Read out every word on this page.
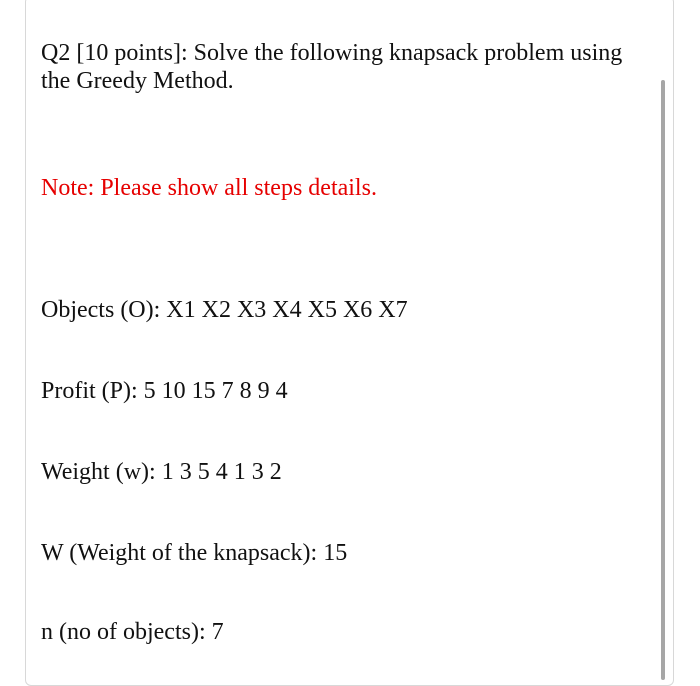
Q2 [10 points]: Solve the following knapsack problem using
the Greedy Method.
Note: Please show all steps details.
Objects (O): X1 X2 X3 X4 X5 X6 X7
Profit (P): 5 10 15 7 8 9 4
Weight (w): 1 3 5 4 1 3 2
W (Weight of the knapsack): 15
n (no of objects): 7
